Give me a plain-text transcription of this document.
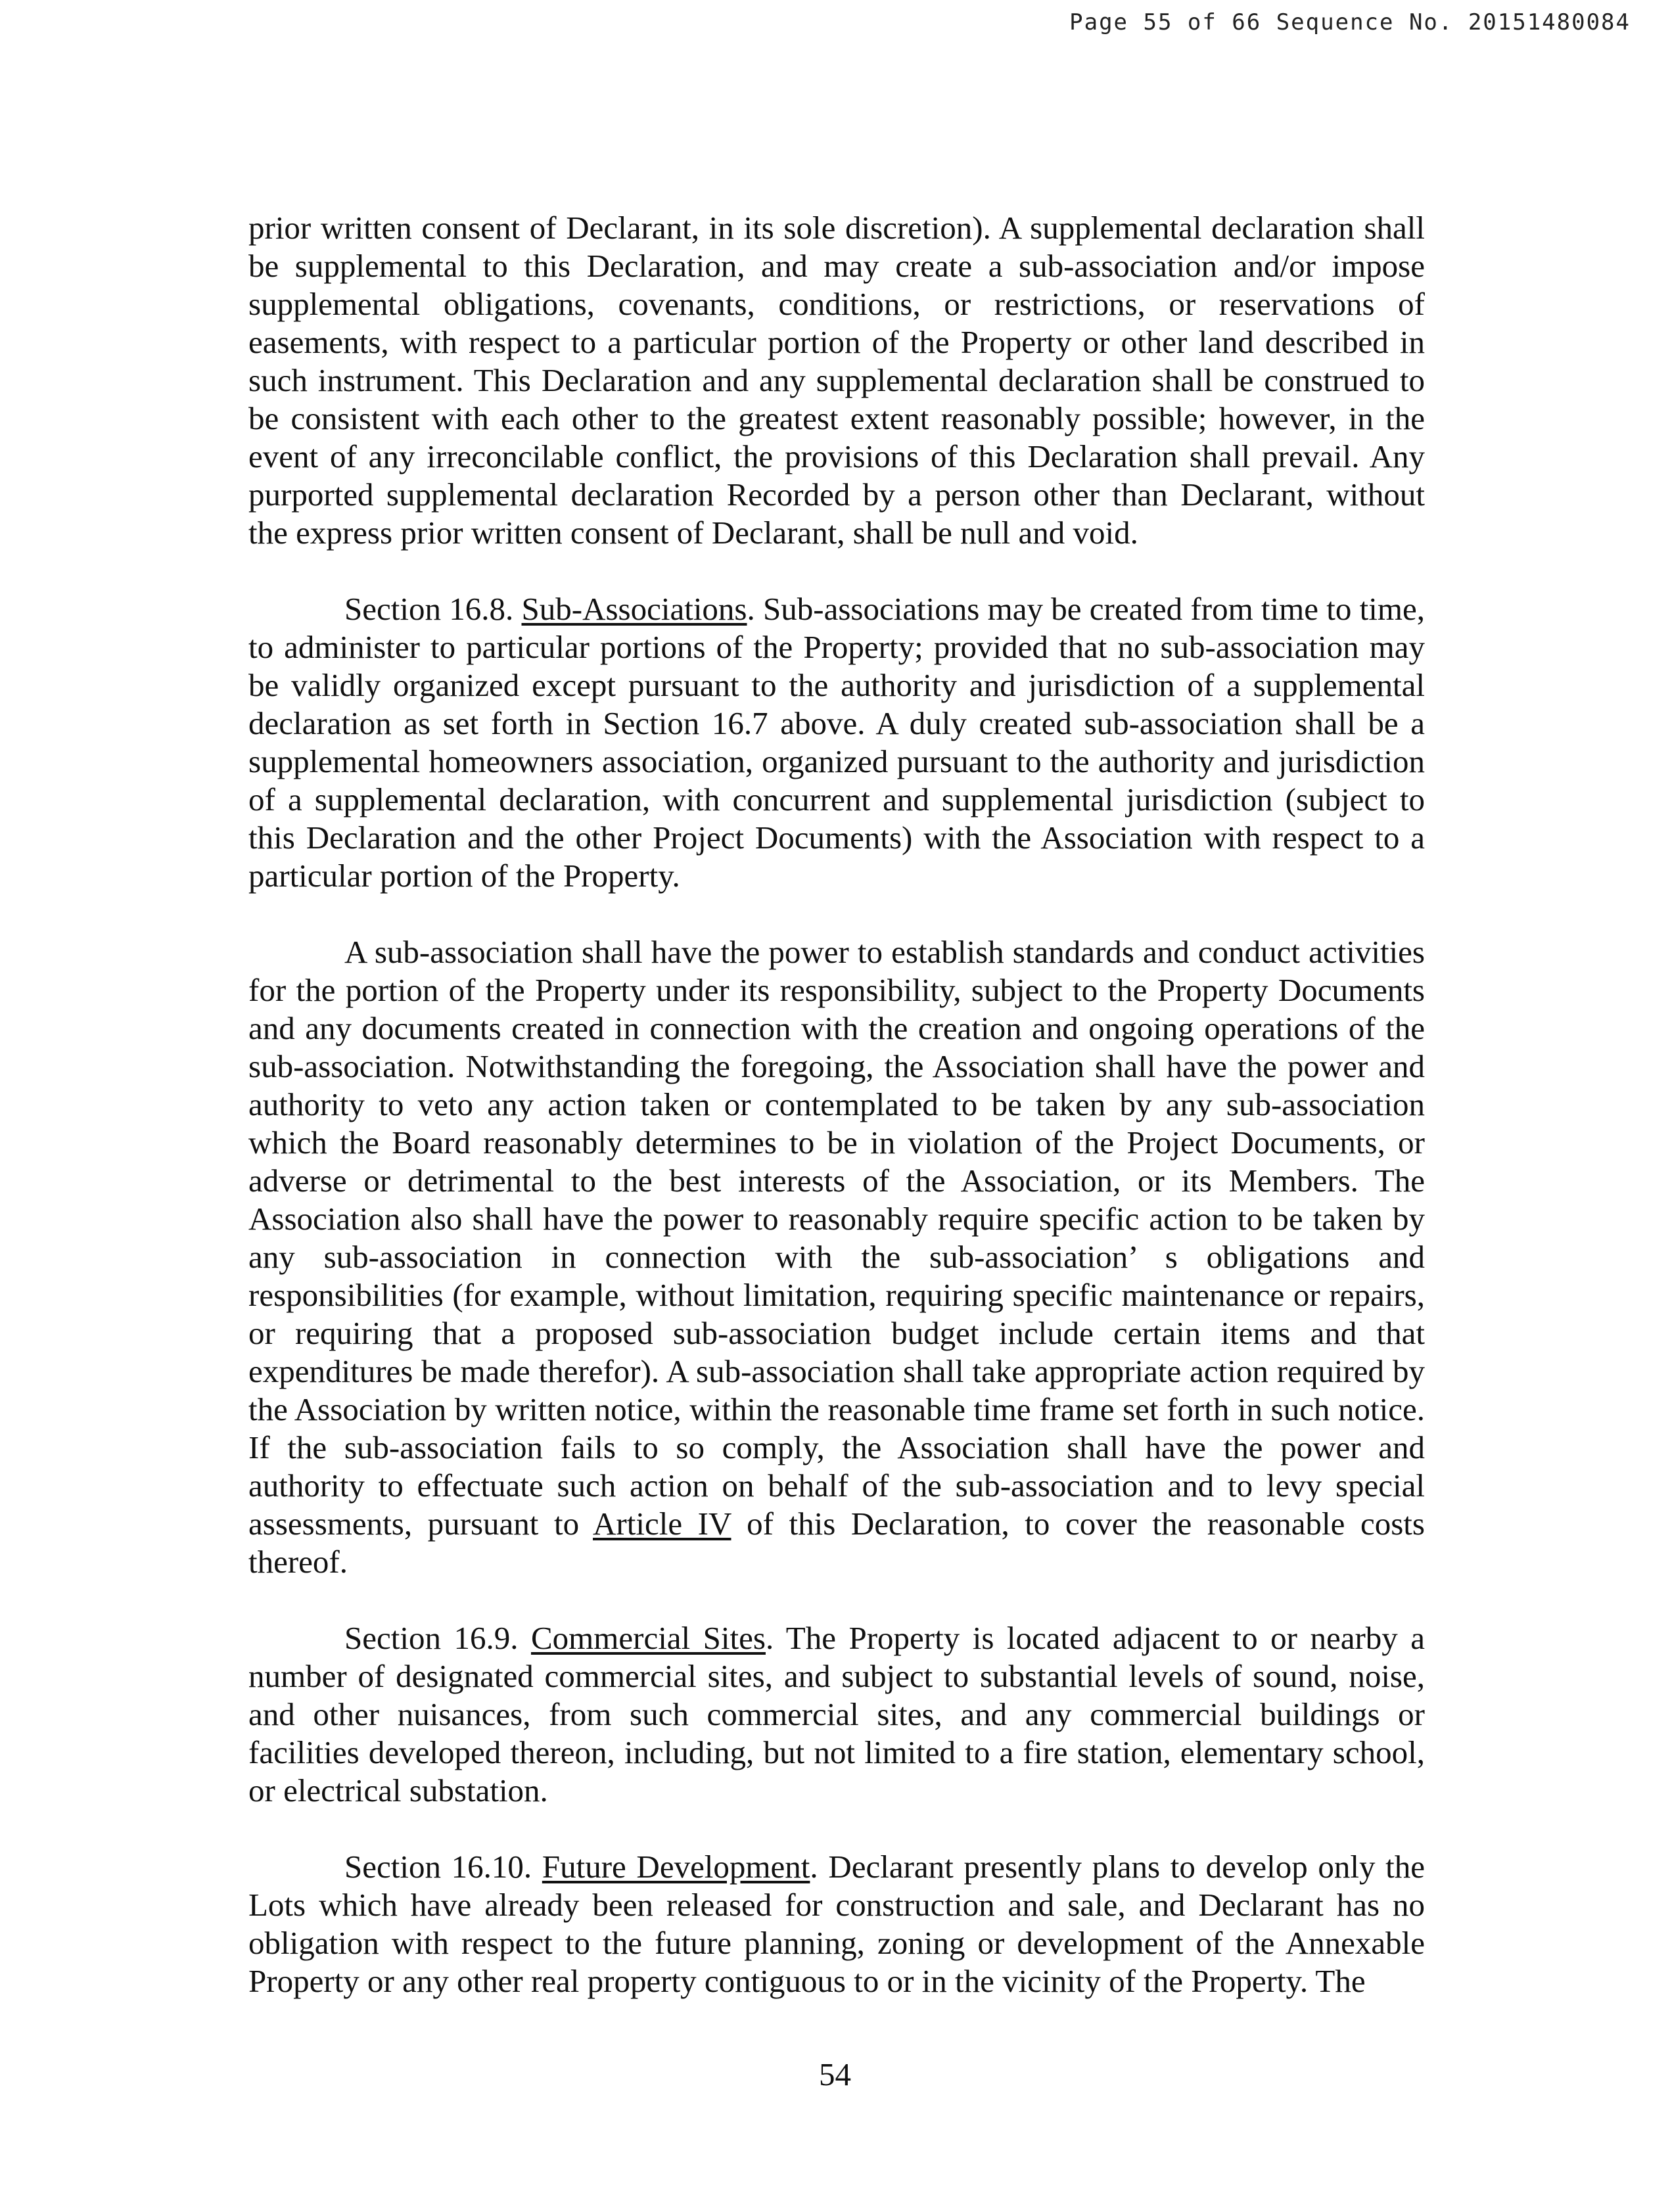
Page 55 of 66 Sequence No. 20151480084

prior written consent of Declarant, in its sole discretion). A supplemental declaration shall be supplemental to this Declaration, and may create a sub-association and/or impose supplemental obligations, covenants, conditions, or restrictions, or reservations of easements, with respect to a particular portion of the Property or other land described in such instrument. This Declaration and any supplemental declaration shall be construed to be consistent with each other to the greatest extent reasonably possible; however, in the event of any irreconcilable conflict, the provisions of this Declaration shall prevail. Any purported supplemental declaration Recorded by a person other than Declarant, without the express prior written consent of Declarant, shall be null and void.

Section 16.8. Sub-Associations. Sub-associations may be created from time to time, to administer to particular portions of the Property; provided that no sub-association may be validly organized except pursuant to the authority and jurisdiction of a supplemental declaration as set forth in Section 16.7 above. A duly created sub-association shall be a supplemental homeowners association, organized pursuant to the authority and jurisdiction of a supplemental declaration, with concurrent and supplemental jurisdiction (subject to this Declaration and the other Project Documents) with the Association with respect to a particular portion of the Property.

A sub-association shall have the power to establish standards and conduct activities for the portion of the Property under its responsibility, subject to the Property Documents and any documents created in connection with the creation and ongoing operations of the sub-association. Notwithstanding the foregoing, the Association shall have the power and authority to veto any action taken or contemplated to be taken by any sub-association which the Board reasonably determines to be in violation of the Project Documents, or adverse or detrimental to the best interests of the Association, or its Members. The Association also shall have the power to reasonably require specific action to be taken by any sub-association in connection with the sub-association’ s obligations and responsibilities (for example, without limitation, requiring specific maintenance or repairs, or requiring that a proposed sub-association budget include certain items and that expenditures be made therefor). A sub-association shall take appropriate action required by the Association by written notice, within the reasonable time frame set forth in such notice. If the sub-association fails to so comply, the Association shall have the power and authority to effectuate such action on behalf of the sub-association and to levy special assessments, pursuant to Article IV of this Declaration, to cover the reasonable costs thereof.

Section 16.9. Commercial Sites. The Property is located adjacent to or nearby a number of designated commercial sites, and subject to substantial levels of sound, noise, and other nuisances, from such commercial sites, and any commercial buildings or facilities developed thereon, including, but not limited to a fire station, elementary school, or electrical substation.

Section 16.10. Future Development. Declarant presently plans to develop only the Lots which have already been released for construction and sale, and Declarant has no obligation with respect to the future planning, zoning or development of the Annexable Property or any other real property contiguous to or in the vicinity of the Property. The

54
